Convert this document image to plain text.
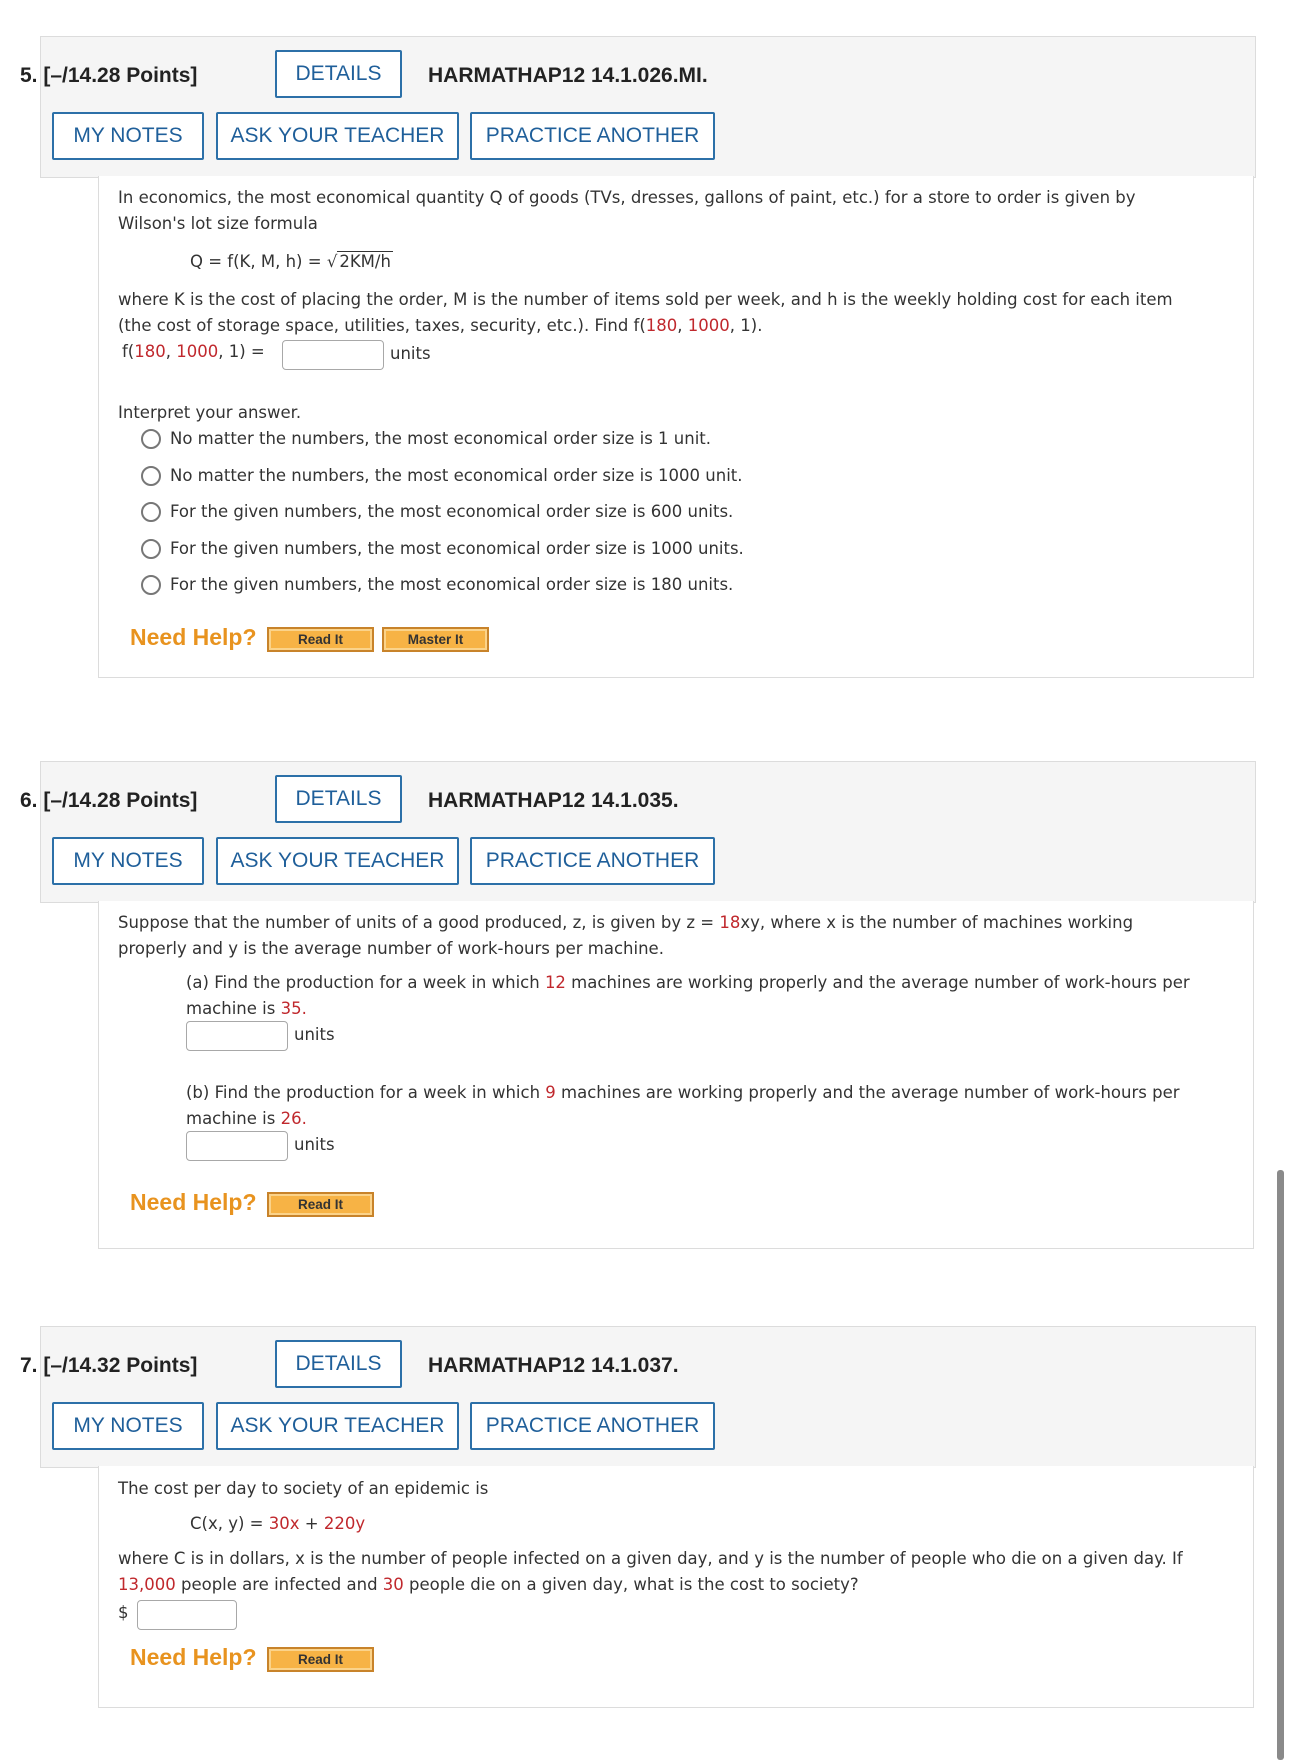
5. [–/14.28 Points]	DETAILS	HARMATHAP12 14.1.026.MI.
MY NOTES	ASK YOUR TEACHER	PRACTICE ANOTHER
In economics, the most economical quantity Q of goods (TVs, dresses, gallons of paint, etc.) for a store to order is given by
Wilson's lot size formula
Q = f(K, M, h) = √ 2KM/h
where K is the cost of placing the order, M is the number of items sold per week, and h is the weekly holding cost for each item
(the cost of storage space, utilities, taxes, security, etc.). Find f(180, 1000, 1).
f(180, 1000, 1) =	units
Interpret your answer.
No matter the numbers, the most economical order size is 1 unit.
No matter the numbers, the most economical order size is 1000 unit.
For the given numbers, the most economical order size is 600 units.
For the given numbers, the most economical order size is 1000 units.
For the given numbers, the most economical order size is 180 units.
Need Help?	Read It	Master It
6. [–/14.28 Points]	DETAILS	HARMATHAP12 14.1.035.
MY NOTES	ASK YOUR TEACHER	PRACTICE ANOTHER
Suppose that the number of units of a good produced, z, is given by z = 18xy, where x is the number of machines working
properly and y is the average number of work-hours per machine.
(a) Find the production for a week in which 12 machines are working properly and the average number of work-hours per
machine is 35.
units
(b) Find the production for a week in which 9 machines are working properly and the average number of work-hours per
machine is 26.
units
Need Help?	Read It
7. [–/14.32 Points]	DETAILS	HARMATHAP12 14.1.037.
MY NOTES	ASK YOUR TEACHER	PRACTICE ANOTHER
The cost per day to society of an epidemic is
C(x, y) = 30x + 220y
where C is in dollars, x is the number of people infected on a given day, and y is the number of people who die on a given day. If
13,000 people are infected and 30 people die on a given day, what is the cost to society?
$
Need Help?	Read It
